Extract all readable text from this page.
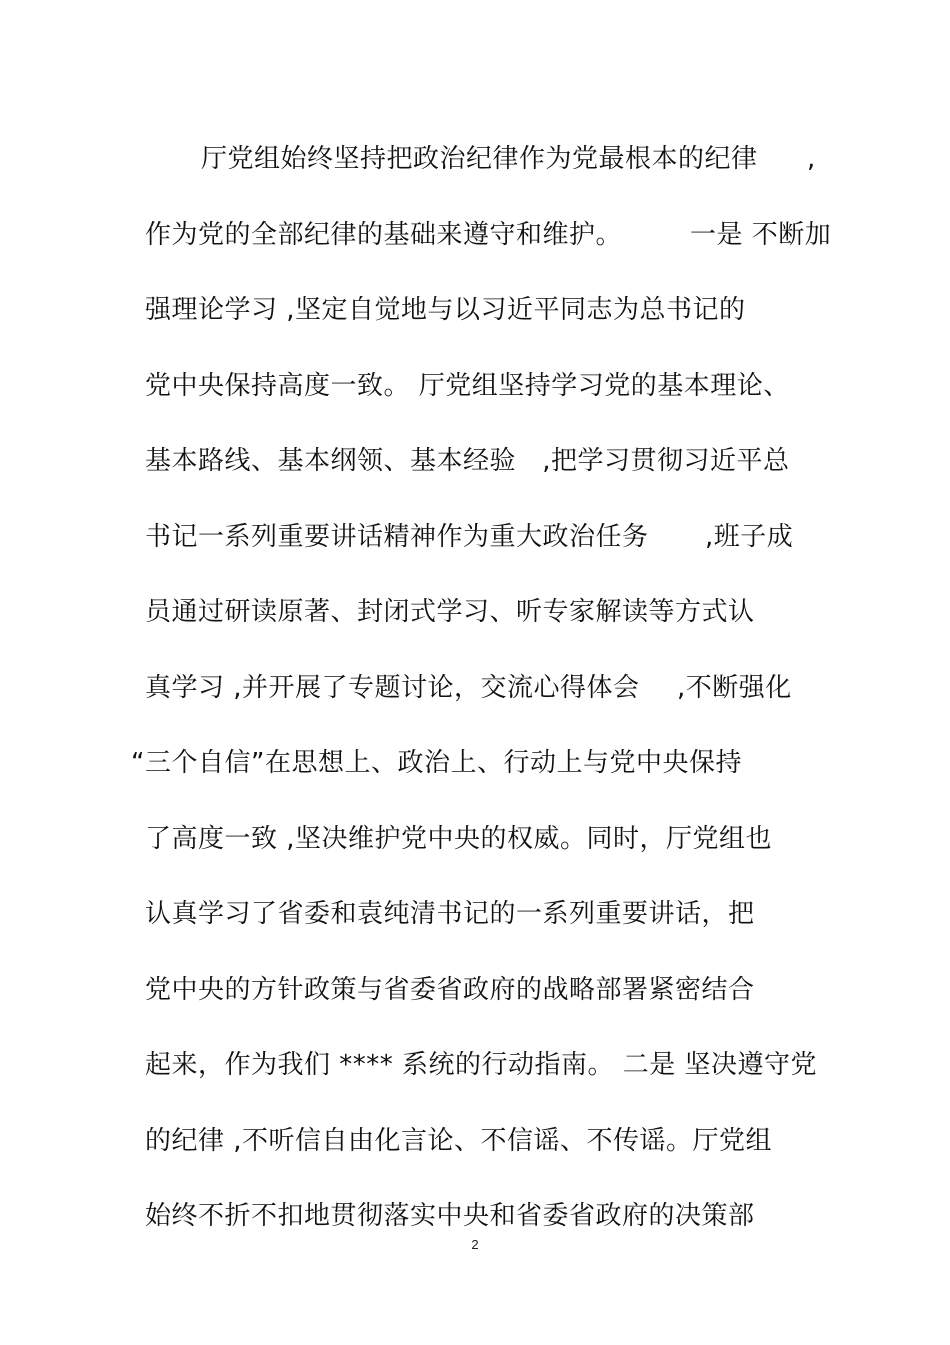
厅党组始终坚持把政治纪律作为党最根本的纪律 ,
作为党的全部纪律的基础来遵守和维护。	一是 不断加
强理论学习 ,坚定自觉地与以习近平同志为总书记的
党中央保持高度一致。 厅党组坚持学习党的基本理论、
基本路线、基本纲领、基本经验   ,把学习贯彻习近平总
书记一系列重要讲话精神作为重大政治任务 ,班子成
员通过研读原著、封闭式学习、听专家解读等方式认
真学习 ,并开展了专题讨论，交流心得体会 ,不断强化
“三个自信”在思想上、政治上、行动上与党中央保持
了高度一致 ,坚决维护党中央的权威。同时，厅党组也
认真学习了省委和袁纯清书记的一系列重要讲话，把
党中央的方针政策与省委省政府的战略部署紧密结合
起来，作为我们 **** 系统的行动指南。 二是 坚决遵守党
的纪律 ,不听信自由化言论、不信谣、不传谣。厅党组
始终不折不扣地贯彻落实中央和省委省政府的决策部
2
